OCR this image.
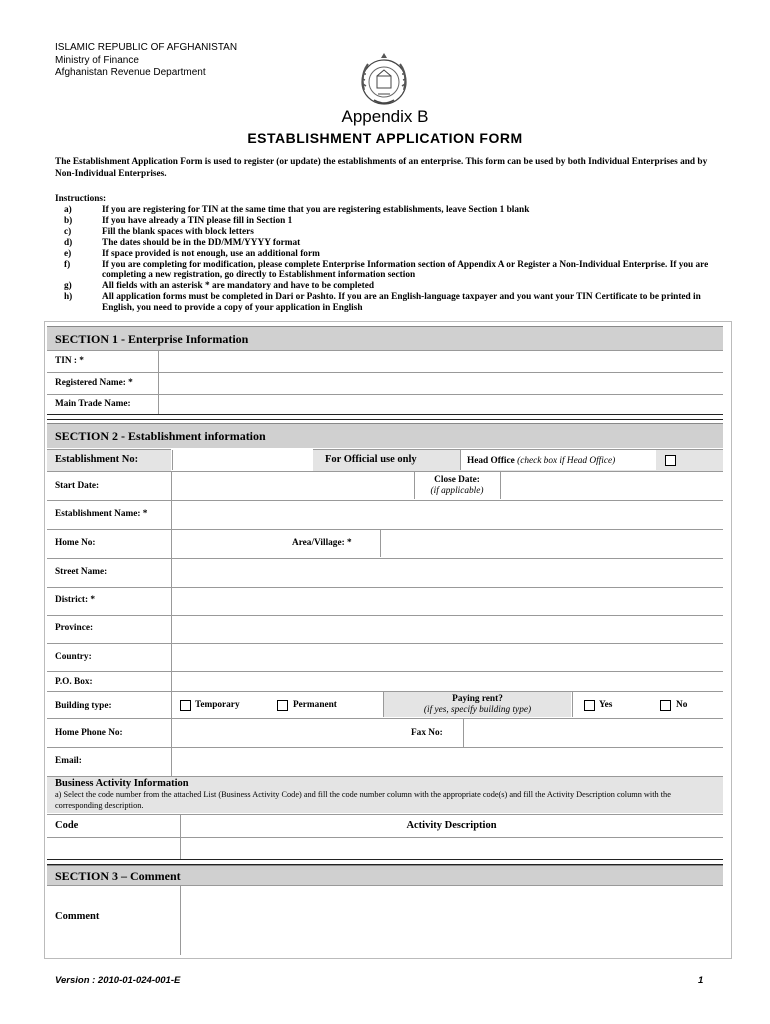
ISLAMIC REPUBLIC OF AFGHANISTAN
Ministry of Finance
Afghanistan Revenue Department
Appendix B
ESTABLISHMENT APPLICATION FORM
The Establishment Application Form is used to register (or update) the establishments of an enterprise. This form can be used by both Individual Enterprises and by Non-Individual Enterprises.
Instructions:
a)	If you are registering for TIN at the same time that you are registering establishments, leave Section 1 blank
b)	If you have already a TIN please fill in Section 1
c)	Fill the blank spaces with block letters
d)	The dates should be in the DD/MM/YYYY format
e)	If space provided is not enough, use an additional form
f)	If you are completing for modification, please complete Enterprise Information section of Appendix A or Register a Non-Individual Enterprise. If you are completing a new registration, go directly to Establishment information section
g)	All fields with an asterisk * are mandatory and have to be completed
h)	All application forms must be completed in Dari or Pashto. If you are an English-language taxpayer and you want your TIN Certificate to be printed in English, you need to provide a copy of your application in English
SECTION 1 - Enterprise Information
TIN : *
Registered Name: *
Main Trade Name:
SECTION 2 - Establishment information
Establishment No:	For Official use only	Head Office (check box if Head Office)
Start Date:
Close Date:
(if applicable)
Establishment Name: *
Home No:	Area/Village: *
Street Name:
District: *
Province:
Country:
P.O. Box:
Building type:	Temporary	Permanent
Paying rent?
(if yes, specify building type)	Yes	No
Home Phone No:	Fax No:
Email:
Business Activity Information
a) Select the code number from the attached List (Business Activity Code) and fill the code number column with the appropriate code(s) and fill the Activity Description column with the corresponding description.
Code	Activity Description
SECTION 3 – Comment
Comment
Version : 2010-01-024-001-E	1
